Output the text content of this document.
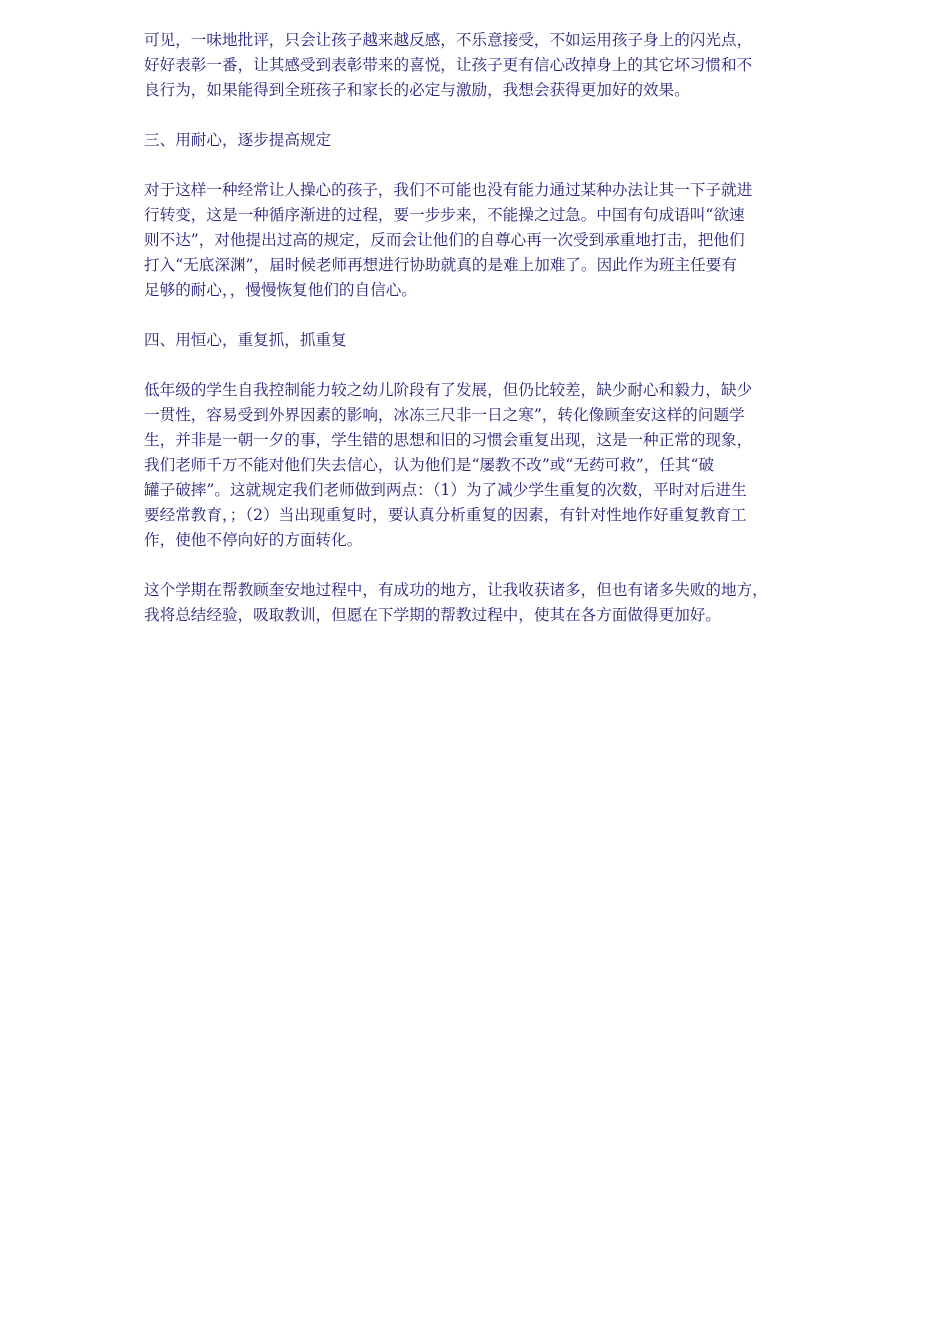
可见，一味地批评，只会让孩子越来越反感，不乐意接受，不如运用孩子身上的闪光点，
好好表彰一番，让其感受到表彰带来的喜悦，让孩子更有信心改掉身上的其它坏习惯和不
良行为，如果能得到全班孩子和家长的必定与激励，我想会获得更加好的效果。

三、用耐心，逐步提高规定

对于这样一种经常让人操心的孩子，我们不可能也没有能力通过某种办法让其一下子就进
行转变，这是一种循序渐进的过程，要一步步来，不能操之过急。中国有句成语叫“欲速
则不达”，对他提出过高的规定，反而会让他们的自尊心再一次受到承重地打击，把他们
打入“无底深渊”，届时候老师再想进行协助就真的是难上加难了。因此作为班主任要有
足够的耐心，，慢慢恢复他们的自信心。

四、用恒心，重复抓，抓重复

低年级的学生自我控制能力较之幼儿阶段有了发展，但仍比较差，缺少耐心和毅力，缺少
一贯性，容易受到外界因素的影响，冰冻三尺非一日之寒”，转化像顾奎安这样的问题学
生，并非是一朝一夕的事，学生错的思想和旧的习惯会重复出现，这是一种正常的现象，
我们老师千万不能对他们失去信心，认为他们是“屡教不改”或“无药可救”，任其“破
罐子破摔”。这就规定我们老师做到两点：（1）为了减少学生重复的次数，平时对后进生
要经常教育，；（2）当出现重复时，要认真分析重复的因素，有针对性地作好重复教育工
作，使他不停向好的方面转化。

这个学期在帮教顾奎安地过程中，有成功的地方，让我收获诸多，但也有诸多失败的地方，
我将总结经验，吸取教训，但愿在下学期的帮教过程中，使其在各方面做得更加好。
